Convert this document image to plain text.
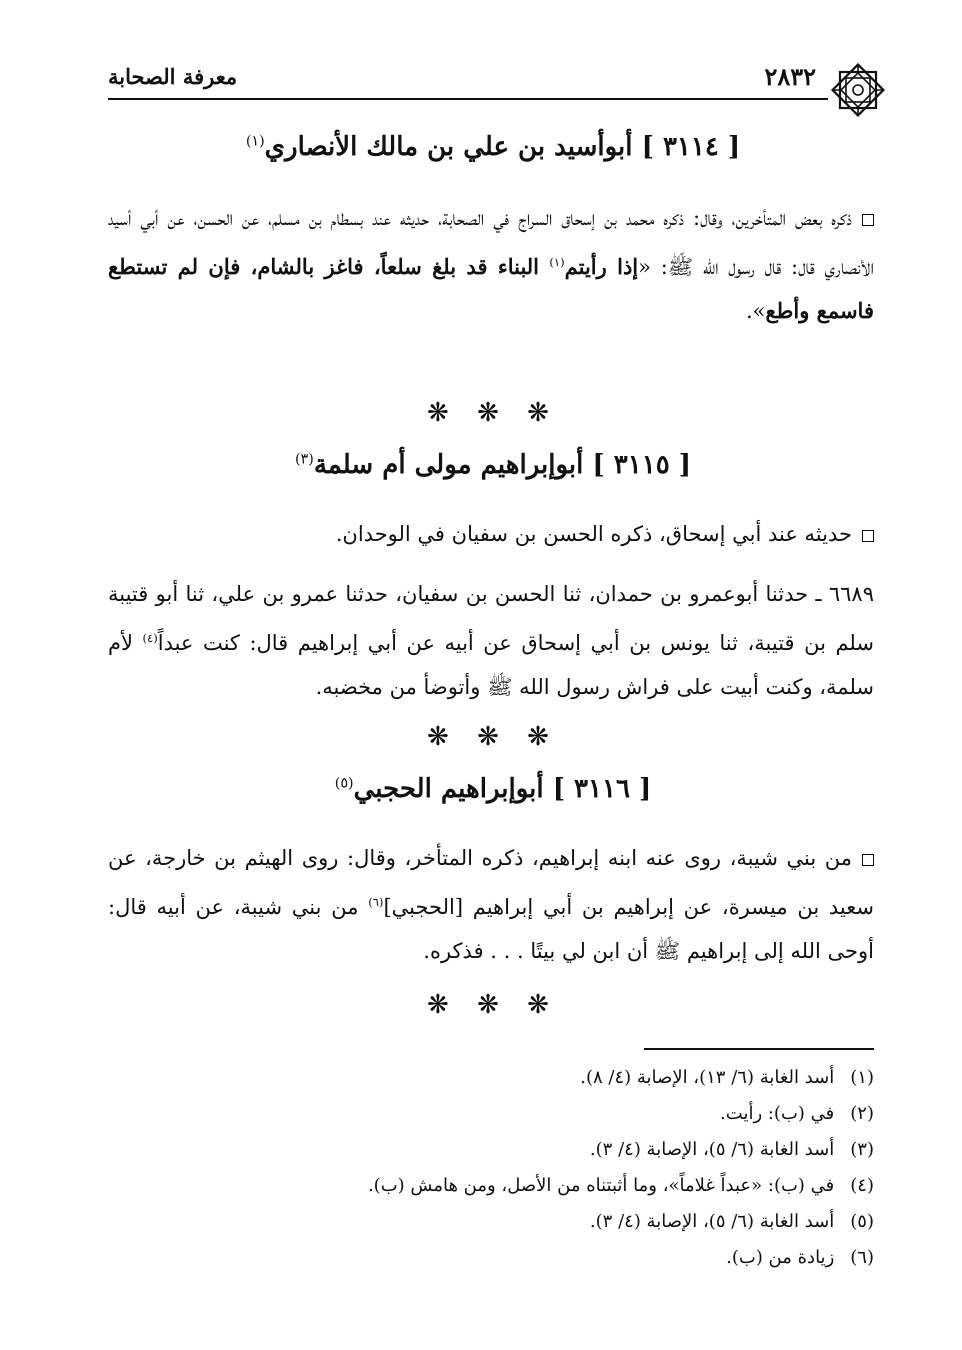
٢٨٣٢
معرفة الصحابة
[ ٣١١٤ ] أبوأسيد بن علي بن مالك الأنصاري$^{(١)}$
ذكره بعض المتأخرين، وقال: ذكره محمد بن إسحاق السراج في الصحابة، حديثه عند بسطام بن مسلم، عن الحسن، عن أبي أسيد الأنصاري قال: قال رسول الله ﷺ: «إذا رأيتم$^{(١)}$ البناء قد بلغ سلعاً، فاغز بالشام، فإن لم تستطع فاسمع وأطع».
❋ ❋ ❋
[ ٣١١٥ ] أبوإبراهيم مولى أم سلمة$^{(٣)}$
حديثه عند أبي إسحاق، ذكره الحسن بن سفيان في الوحدان.
٦٦٨٩ ـ حدثنا أبوعمرو بن حمدان، ثنا الحسن بن سفيان، حدثنا عمرو بن علي، ثنا أبو قتيبة سلم بن قتيبة، ثنا يونس بن أبي إسحاق عن أبيه عن أبي إبراهيم قال: كنت عبداً$^{(٤)}$ لأم سلمة، وكنت أبيت على فراش رسول الله ﷺ وأتوضأ من مخضبه.
❋ ❋ ❋
[ ٣١١٦ ] أبوإبراهيم الحجبي$^{(٥)}$
من بني شيبة، روى عنه ابنه إبراهيم، ذكره المتأخر، وقال: روى الهيثم بن خارجة، عن سعيد بن ميسرة، عن إبراهيم بن أبي إبراهيم [الحجبي]$^{(٦)}$ من بني شيبة، عن أبيه قال: أوحى الله إلى إبراهيم ﷺ أن ابن لي بيتًا . . . فذكره.
❋ ❋ ❋
(١) أسد الغابة (٦/ ١٣)، الإصابة (٤/ ٨).
(٢) في (ب): رأيت.
(٣) أسد الغابة (٦/ ٥)، الإصابة (٤/ ٣).
(٤) في (ب): «عبداً غلاماً»، وما أثبتناه من الأصل، ومن هامش (ب).
(٥) أسد الغابة (٦/ ٥)، الإصابة (٤/ ٣).
(٦) زيادة من (ب).
